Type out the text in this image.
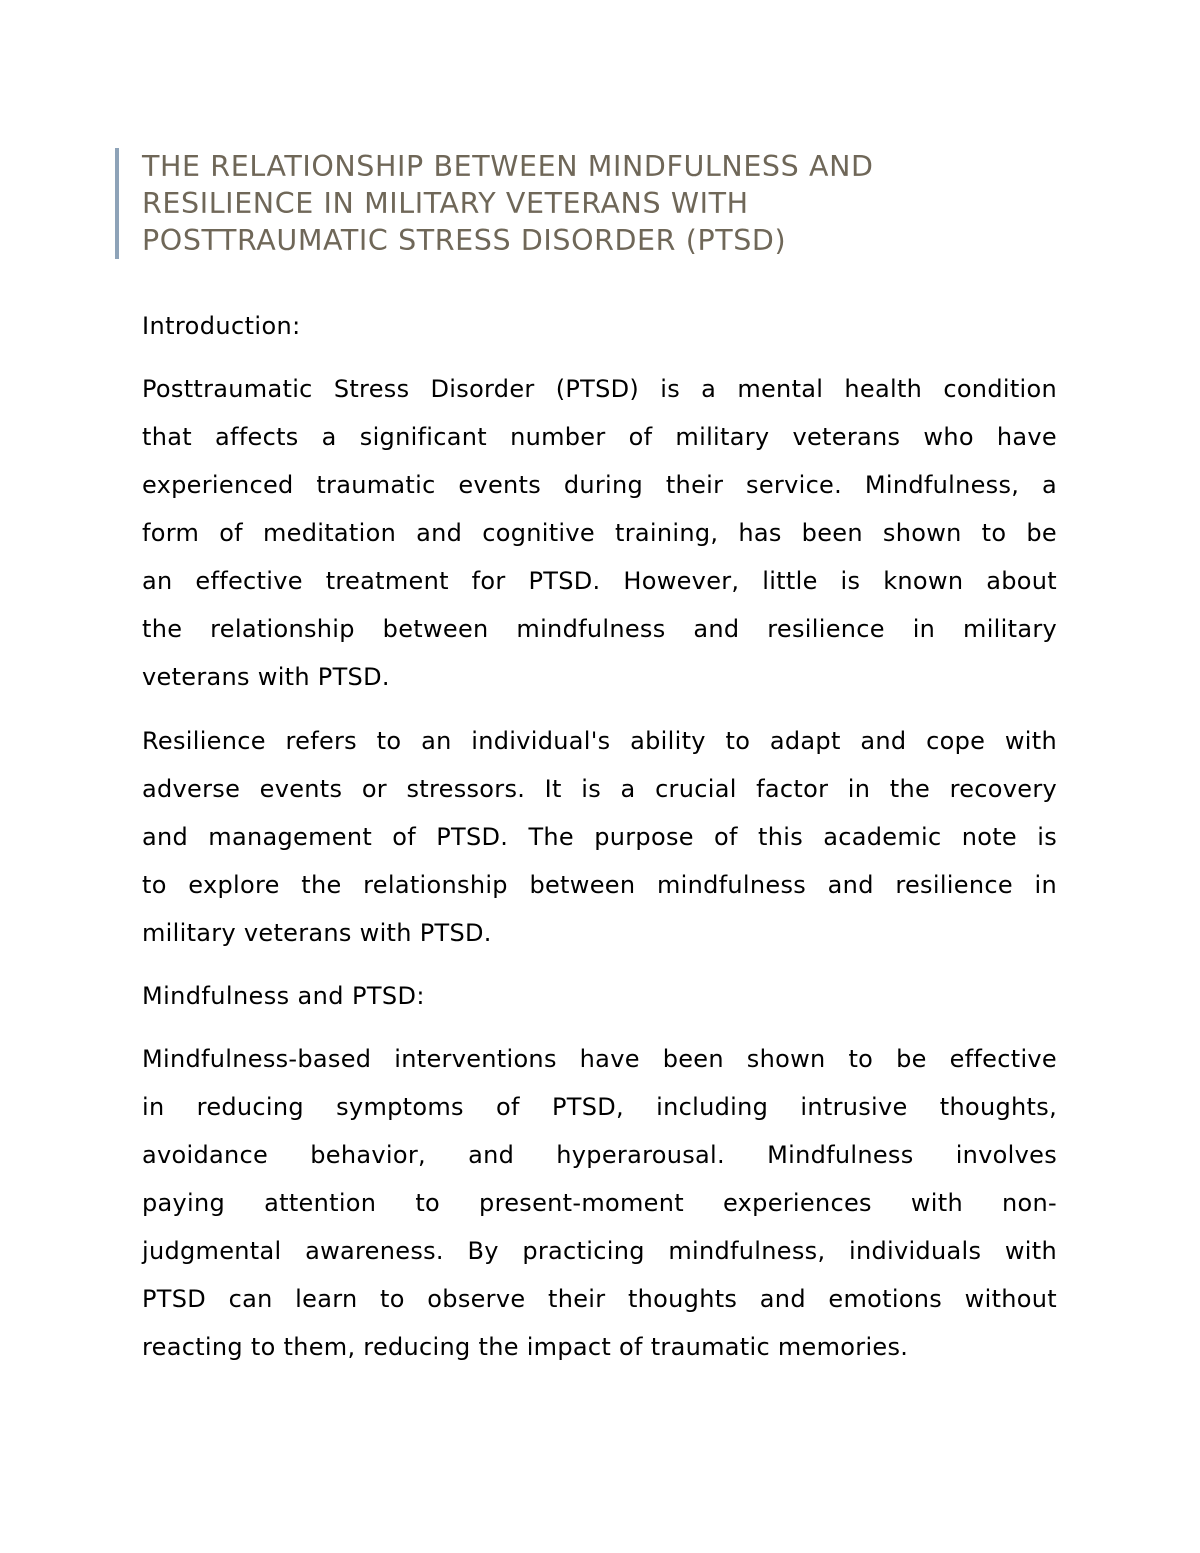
THE RELATIONSHIP BETWEEN MINDFULNESS AND
RESILIENCE IN MILITARY VETERANS WITH
POSTTRAUMATIC STRESS DISORDER (PTSD)
Introduction:

Posttraumatic Stress Disorder (PTSD) is a mental health condition
that affects a significant number of military veterans who have
experienced traumatic events during their service. Mindfulness, a
form of meditation and cognitive training, has been shown to be
an effective treatment for PTSD. However, little is known about
the relationship between mindfulness and resilience in military
veterans with PTSD.

Resilience refers to an individual's ability to adapt and cope with
adverse events or stressors. It is a crucial factor in the recovery
and management of PTSD. The purpose of this academic note is
to explore the relationship between mindfulness and resilience in
military veterans with PTSD.

Mindfulness and PTSD:

Mindfulness-based interventions have been shown to be effective
in reducing symptoms of PTSD, including intrusive thoughts,
avoidance behavior, and hyperarousal. Mindfulness involves
paying attention to present-moment experiences with non-
judgmental awareness. By practicing mindfulness, individuals with
PTSD can learn to observe their thoughts and emotions without
reacting to them, reducing the impact of traumatic memories.
